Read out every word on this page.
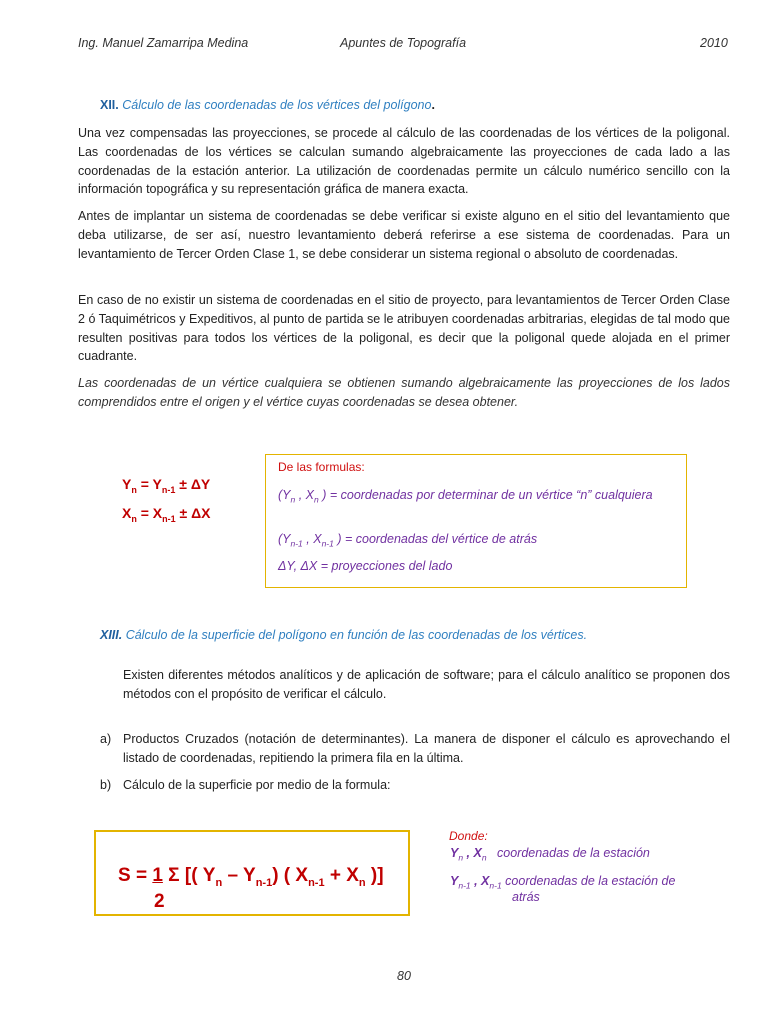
Ing. Manuel Zamarripa Medina	Apuntes de Topografía	2010
XII. Cálculo de las coordenadas de los vértices del polígono.
Una vez compensadas las proyecciones, se procede al cálculo de las coordenadas de los vértices de la poligonal. Las coordenadas de los vértices se calculan sumando algebraicamente las proyecciones de cada lado a las coordenadas de la estación anterior. La utilización de coordenadas permite un cálculo numérico sencillo con la información topográfica y su representación gráfica de manera exacta.
Antes de implantar un sistema de coordenadas se debe verificar si existe alguno en el sitio del levantamiento que deba utilizarse, de ser así, nuestro levantamiento deberá referirse a ese sistema de coordenadas. Para un levantamiento de Tercer Orden Clase 1, se debe considerar un sistema regional o absoluto de coordenadas.
En caso de no existir un sistema de coordenadas en el sitio de proyecto, para levantamientos de Tercer Orden Clase 2 ó Taquimétricos y Expeditivos, al punto de partida se le atribuyen coordenadas arbitrarias, elegidas de tal modo que resulten positivas para todos los vértices de la poligonal, es decir que la poligonal quede alojada en el primer cuadrante.
Las coordenadas de un vértice cualquiera se obtienen sumando algebraicamente las proyecciones de los lados comprendidos entre el origen y el vértice cuyas coordenadas se desea obtener.
$Y_n = Y_{n-1} \pm \Delta Y$
$X_n = X_{n-1} \pm \Delta X$
De las formulas:
($Y_n$ , $X_n$ ) = coordenadas por determinar de un vértice “n” cualquiera
($Y_{n-1}$ , $X_{n-1}$ ) = coordenadas del vértice de atrás
ΔY, ΔX = proyecciones del lado
XIII. Cálculo de la superficie del polígono en función de las coordenadas de los vértices.
Existen diferentes métodos analíticos y de aplicación de software; para el cálculo analítico se proponen dos métodos con el propósito de verificar el cálculo.
a) Productos Cruzados (notación de determinantes). La manera de disponer el cálculo es aprovechando el listado de coordenadas, repitiendo la primera fila en la última.
b) Cálculo de la superficie por medio de la formula:
S = 1 Σ [( $Y_n - Y_{n-1}$) ( $X_{n-1} + X_n$ )]
2
Donde:
$Y_n$ , $X_n$ coordenadas de la estación
$Y_{n-1}$ , $X_{n-1}$ coordenadas de la estación de
atrás
80
